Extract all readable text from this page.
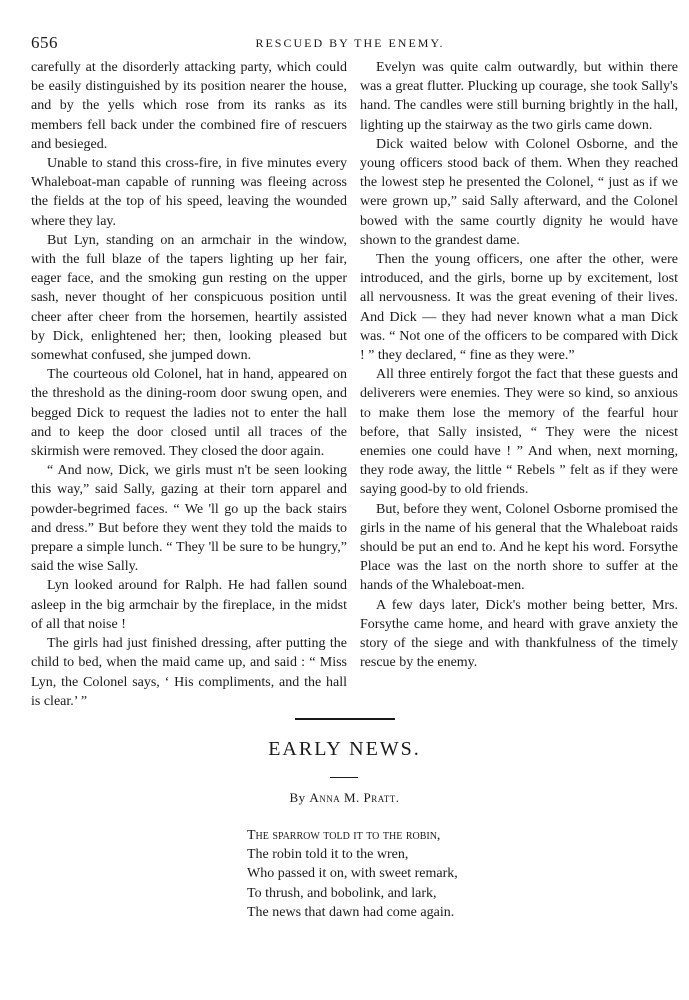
656	RESCUED BY THE ENEMY.

carefully at the disorderly attacking party, which could be easily distinguished by its position nearer the house, and by the yells which rose from its ranks as its members fell back under the combined fire of rescuers and besieged.

Unable to stand this cross-fire, in five minutes every Whaleboat-man capable of running was fleeing across the fields at the top of his speed, leaving the wounded where they lay.

But Lyn, standing on an armchair in the window, with the full blaze of the tapers lighting up her fair, eager face, and the smoking gun resting on the upper sash, never thought of her conspicuous position until cheer after cheer from the horsemen, heartily assisted by Dick, enlightened her; then, looking pleased but somewhat confused, she jumped down.

The courteous old Colonel, hat in hand, appeared on the threshold as the dining-room door swung open, and begged Dick to request the ladies not to enter the hall and to keep the door closed until all traces of the skirmish were removed. They closed the door again.

“ And now, Dick, we girls must n't be seen looking this way,” said Sally, gazing at their torn apparel and powder-begrimed faces. “ We 'll go up the back stairs and dress.” But before they went they told the maids to prepare a simple lunch. “ They 'll be sure to be hungry,” said the wise Sally.

Lyn looked around for Ralph. He had fallen sound asleep in the big armchair by the fireplace, in the midst of all that noise !

The girls had just finished dressing, after putting the child to bed, when the maid came up, and said : “ Miss Lyn, the Colonel says, ‘ His compliments, and the hall is clear.’ ”

Evelyn was quite calm outwardly, but within there was a great flutter. Plucking up courage, she took Sally's hand. The candles were still burning brightly in the hall, lighting up the stairway as the two girls came down.

Dick waited below with Colonel Osborne, and the young officers stood back of them. When they reached the lowest step he presented the Colonel, “ just as if we were grown up,” said Sally afterward, and the Colonel bowed with the same courtly dignity he would have shown to the grandest dame.

Then the young officers, one after the other, were introduced, and the girls, borne up by excitement, lost all nervousness. It was the great evening of their lives. And Dick — they had never known what a man Dick was. “ Not one of the officers to be compared with Dick ! ” they declared, “ fine as they were.”

All three entirely forgot the fact that these guests and deliverers were enemies. They were so kind, so anxious to make them lose the memory of the fearful hour before, that Sally insisted, “ They were the nicest enemies one could have ! ” And when, next morning, they rode away, the little “ Rebels ” felt as if they were saying good-by to old friends.

But, before they went, Colonel Osborne promised the girls in the name of his general that the Whaleboat raids should be put an end to. And he kept his word. Forsythe Place was the last on the north shore to suffer at the hands of the Whaleboat-men.

A few days later, Dick's mother being better, Mrs. Forsythe came home, and heard with grave anxiety the story of the siege and with thankfulness of the timely rescue by the enemy.

EARLY NEWS.
By Anna M. Pratt.
The sparrow told it to the robin,
The robin told it to the wren,
Who passed it on, with sweet remark,
To thrush, and bobolink, and lark,
The news that dawn had come again.
